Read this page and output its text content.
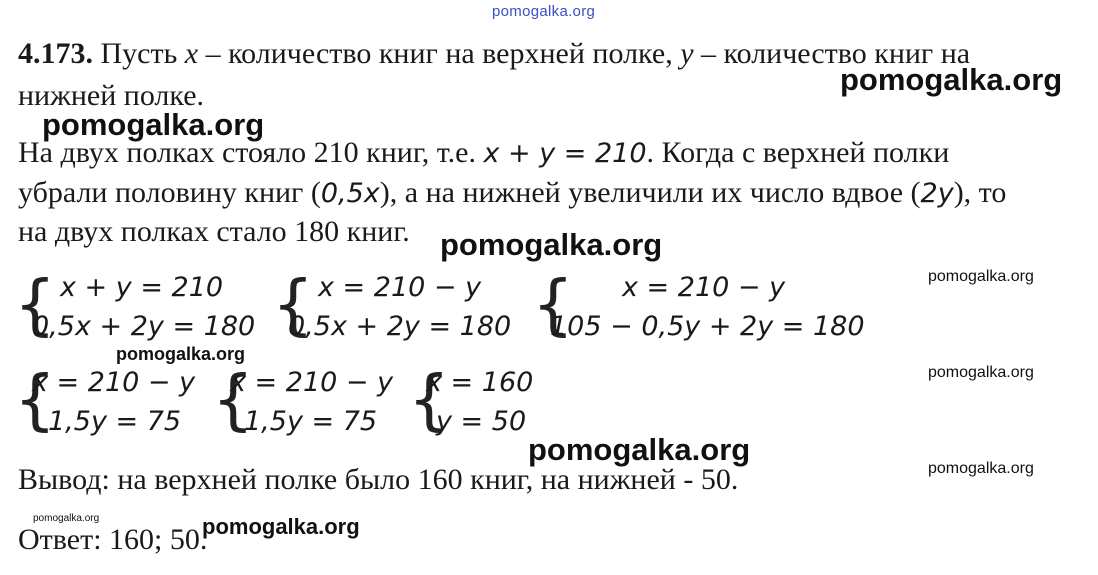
pomogalka.org
4.173. Пусть x – количество книг на верхней полке, y – количество книг на
pomogalka.org
нижней полке.
pomogalka.org
На двух полках стояло 210 книг, т.е. x + y = 210. Когда с верхней полки
убрали половину книг (0,5x), а на нижней увеличили их число вдвое (2y), то
на двух полках стало 180 книг. pomogalka.org
{ x + y = 210
0,5x + 2y = 180 { x = 210 − y
0,5x + 2y = 180 { x = 210 − y
105 − 0,5y + 2y = 180
pomogalka.org
pomogalka.org
{
x = 210 − y
1,5y = 75 {
x = 210 − y
1,5y = 75 {
x = 160
y = 50
pomogalka.org
pomogalka.org
Вывод: на верхней полке было 160 книг, на нижней - 50.	pomogalka.org
pomogalka.org
Ответ: 160; 50.
pomogalka.org
